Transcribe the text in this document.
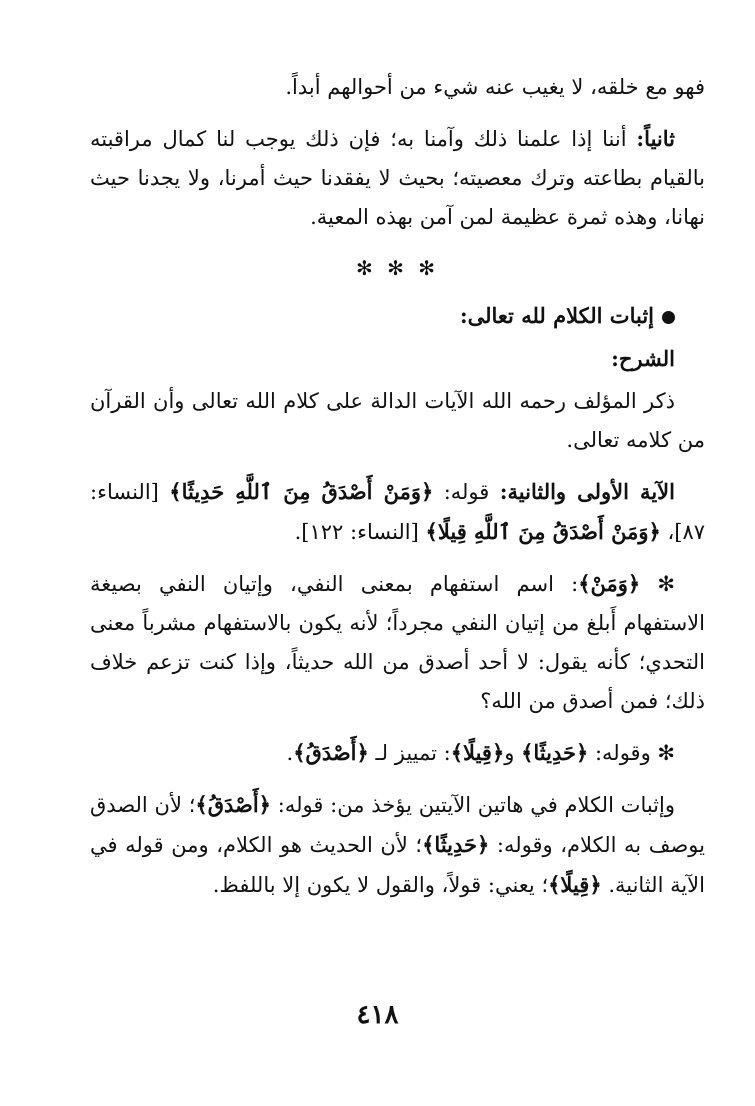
فهو مع خلقه، لا يغيب عنه شيء من أحوالهم أبداً.

ثانياً: أننا إذا علمنا ذلك وآمنا به؛ فإن ذلك يوجب لنا كمال مراقبته بالقيام بطاعته وترك معصيته؛ بحيث لا يفقدنا حيث أمرنا، ولا يجدنا حيث نهانا، وهذه ثمرة عظيمة لمن آمن بهذه المعية.

✻ ✻ ✻

إثبات الكلام لله تعالى:

الشرح:

ذكر المؤلف رحمه الله الآيات الدالة على كلام الله تعالى وأن القرآن من كلامه تعالى.

الآية الأولى والثانية: قوله: ﴿وَمَنْ أَصْدَقُ مِنَ ٱللَّهِ حَدِيثًا﴾ [النساء: ٨٧]، ﴿وَمَنْ أَصْدَقُ مِنَ ٱللَّهِ قِيلًا﴾ [النساء: ١٢٢].

✻ ﴿وَمَنْ﴾: اسم استفهام بمعنى النفي، وإتيان النفي بصيغة الاستفهام أَبلغ من إتيان النفي مجرداً؛ لأنه يكون بالاستفهام مشرباً معنى التحدي؛ كأنه يقول: لا أحد أصدق من الله حديثاً، وإذا كنت تزعم خلاف ذلك؛ فمن أصدق من الله؟

✻ وقوله: ﴿حَدِيثًا﴾ و﴿قِيلًا﴾: تمييز لـ ﴿أَصْدَقُ﴾.

وإثبات الكلام في هاتين الآيتين يؤخذ من: قوله: ﴿أَصْدَقُ﴾؛ لأن الصدق يوصف به الكلام، وقوله: ﴿حَدِيثًا﴾؛ لأن الحديث هو الكلام، ومن قوله في الآية الثانية. ﴿قِيلًا﴾؛ يعني: قولاً، والقول لا يكون إلا باللفظ.

٤١٨
